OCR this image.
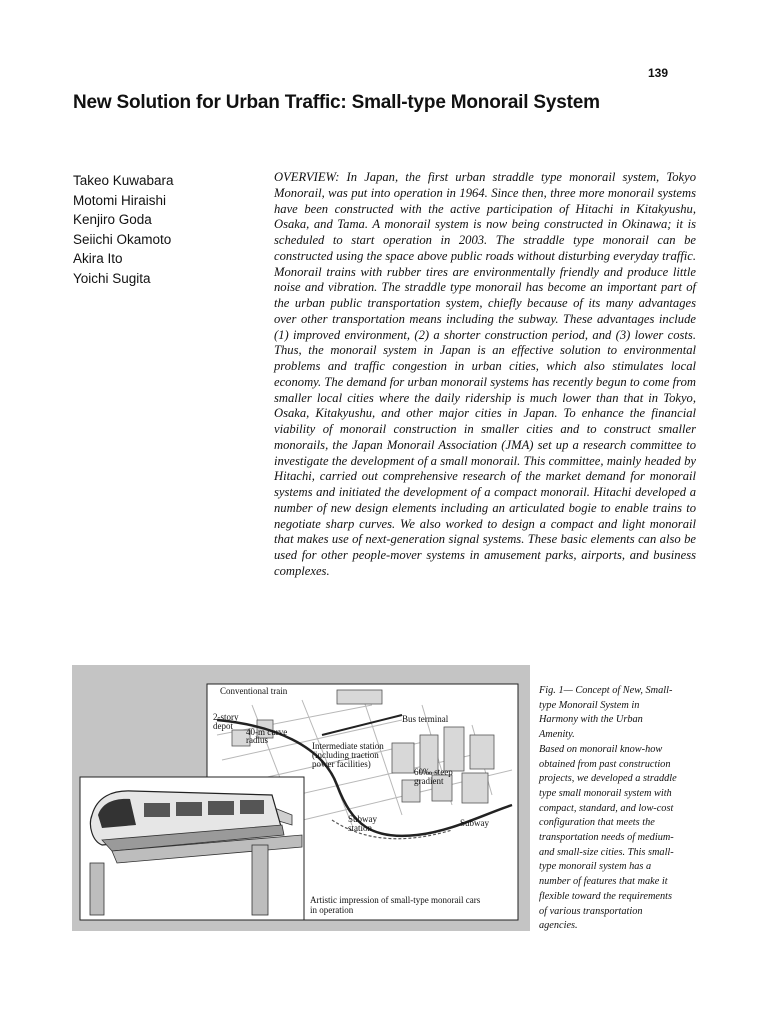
139
New Solution for Urban Traffic: Small-type Monorail System
Takeo Kuwabara
Motomi Hiraishi
Kenjiro Goda
Seiichi Okamoto
Akira Ito
Yoichi Sugita

OVERVIEW: In Japan, the first urban straddle type monorail system, Tokyo Monorail, was put into operation in 1964. Since then, three more monorail systems have been constructed with the active participation of Hitachi in Kitakyushu, Osaka, and Tama. A monorail system is now being constructed in Okinawa; it is scheduled to start operation in 2003. The straddle type monorail can be constructed using the space above public roads without disturbing everyday traffic. Monorail trains with rubber tires are environmentally friendly and produce little noise and vibration. The straddle type monorail has become an important part of the urban public transportation system, chiefly because of its many advantages over other transportation means including the subway. These advantages include (1) improved environment, (2) a shorter construction period, and (3) lower costs. Thus, the monorail system in Japan is an effective solution to environmental problems and traffic congestion in urban cities, which also stimulates local economy. The demand for urban monorail systems has recently begun to come from smaller local cities where the daily ridership is much lower than that in Tokyo, Osaka, Kitakyushu, and other major cities in Japan. To enhance the financial viability of monorail construction in smaller cities and to construct smaller monorails, the Japan Monorail Association (JMA) set up a research committee to investigate the development of a small monorail. This committee, mainly headed by Hitachi, carried out comprehensive research of the market demand for monorail systems and initiated the development of a compact monorail. Hitachi developed a number of new design elements including an articulated bogie to enable trains to negotiate sharp curves. We also worked to design a compact and light monorail that makes use of next-generation signal systems. These basic elements can also be used for other people-mover systems in amusement parks, airports, and business complexes.

Conventional train
2-story
depot
40-m curve
radius
Bus terminal
Intermediate station
(including traction
power facilities)
60‰ steep
gradient
Subway
station	Subway
Artistic impression of small-type monorail cars
in operation

Fig. 1— Concept of New, Small-
type Monorail System in
Harmony with the Urban
Amenity.
Based on monorail know-how
obtained from past construction
projects, we developed a straddle
type small monorail system with
compact, standard, and low-cost
configuration that meets the
transportation needs of medium-
and small-size cities. This small-
type monorail system has a
number of features that make it
flexible toward the requirements
of various transportation
agencies.
